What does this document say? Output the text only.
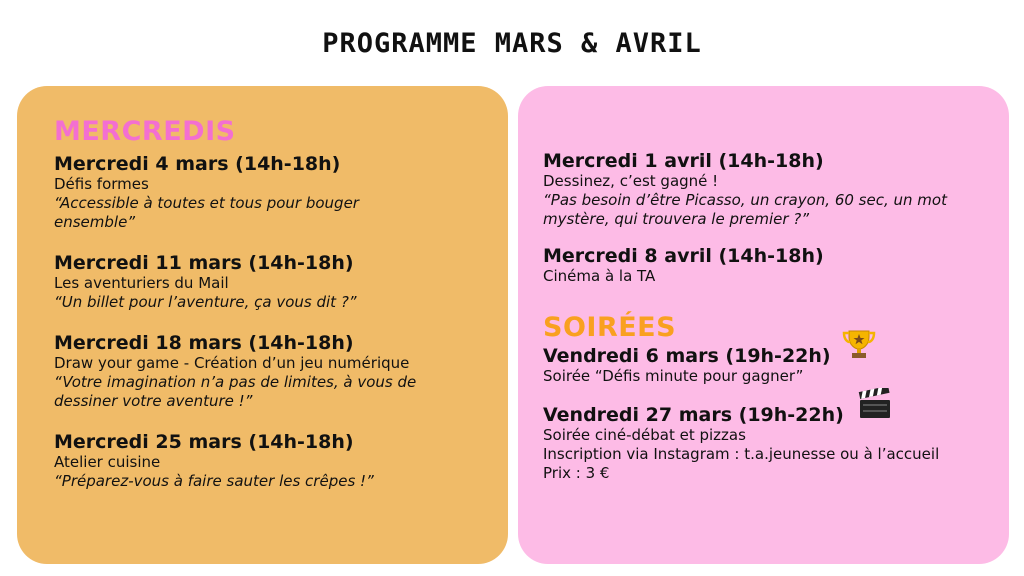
PROGRAMME MARS & AVRIL
MERCREDIS
Mercredi 4 mars (14h-18h)
Défis formes
“Accessible à toutes et tous pour bouger ensemble”
Mercredi 11 mars (14h-18h)
Les aventuriers du Mail
“Un billet pour l’aventure, ça vous dit ?”
Mercredi 18 mars (14h-18h)
Draw your game - Création d’un jeu numérique
“Votre imagination n’a pas de limites, à vous de dessiner votre aventure !”
Mercredi 25 mars (14h-18h)
Atelier cuisine
“Préparez-vous à faire sauter les crêpes !”
Mercredi 1 avril (14h-18h)
Dessinez, c’est gagné !
“Pas besoin d’être Picasso, un crayon, 60 sec, un mot mystère, qui trouvera le premier ?”
Mercredi 8 avril (14h-18h)
Cinéma à la TA
SOIRÉES
Vendredi 6 mars (19h-22h)
Soirée “Défis minute pour gagner”
Vendredi 27 mars (19h-22h)
Soirée ciné-débat et pizzas
Inscription via Instagram : t.a.jeunesse ou à l’accueil
Prix : 3 €
